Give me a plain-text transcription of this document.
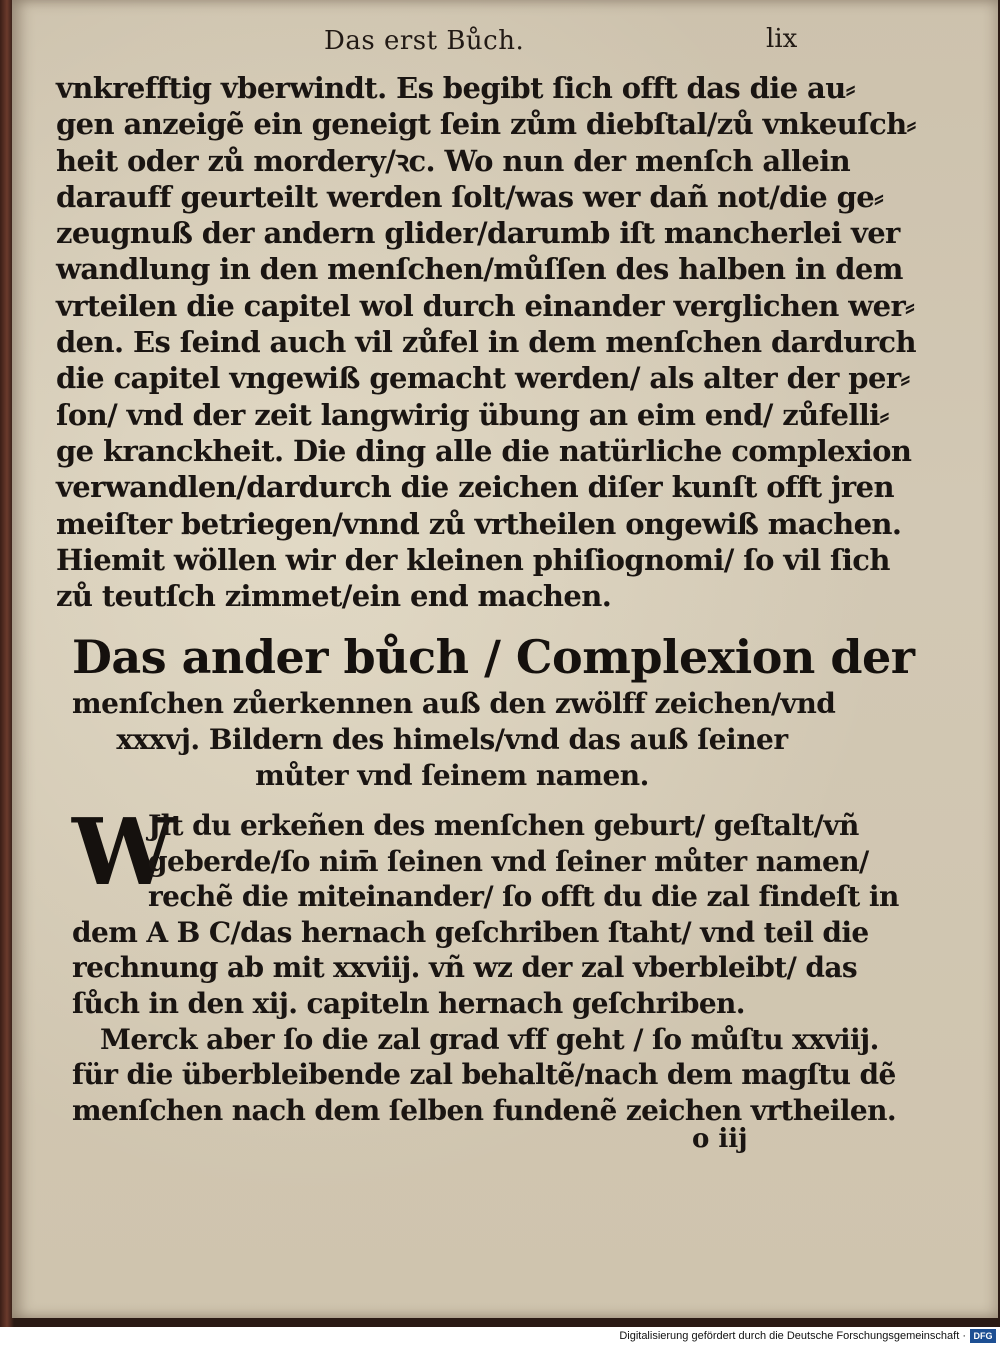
Das erst Bůch.	lix
vnkrefftig vberwindt. Es begibt ſich offt das die au⸗
gen anzeigẽ ein geneigt ſein zům diebſtal/zů vnkeuſch⸗
heit oder zů mordery/ꝛc. Wo nun der menſch allein
darauff geurteilt werden ſolt/was wer dañ not/die ge⸗
zeugnuß der andern glider/darumb iſt mancherlei ver
wandlung in den menſchen/můſſen des halben in dem
vrteilen die capitel wol durch einander verglichen wer⸗
den. Es ſeind auch vil zůfel in dem menſchen dardurch
die capitel vngewiß gemacht werden/ als alter der per⸗
ſon/ vnd der zeit langwirig übung an eim end/ zůfelli⸗
ge kranckheit. Die ding alle die natürliche complexion
verwandlen/dardurch die zeichen diſer kunſt offt jren
meiſter betriegen/vnnd zů vrtheilen ongewiß machen.
Hiemit wöllen wir der kleinen phiſiognomi/ ſo vil ſich
zů teutſch zimmet/ein end machen.
Das ander bůch / Complexion der
menſchen zůerkennen auß den zwölff zeichen/vnd
xxxvj. Bildern des himels/vnd das auß ſeiner
můter vnd ſeinem namen.
W
Jlt du erkeñen des menſchen geburt/ geſtalt/vñ
geberde/ſo nim̄ ſeinen vnd ſeiner můter namen/
rechẽ die miteinander/ ſo offt du die zal findeſt in
dem A B C/das hernach geſchriben ſtaht/ vnd teil die
rechnung ab mit xxviij. vñ wz der zal vberbleibt/ das
ſůch in den xij. capiteln hernach geſchriben.
Merck aber ſo die zal grad vff geht / ſo můſtu xxviij.
für die überbleibende zal behaltẽ/nach dem magſtu dẽ
menſchen nach dem ſelben fundenẽ zeichen vrtheilen.
o iij
Digitalisierung gefördert durch die Deutsche Forschungsgemeinschaft · DFG
